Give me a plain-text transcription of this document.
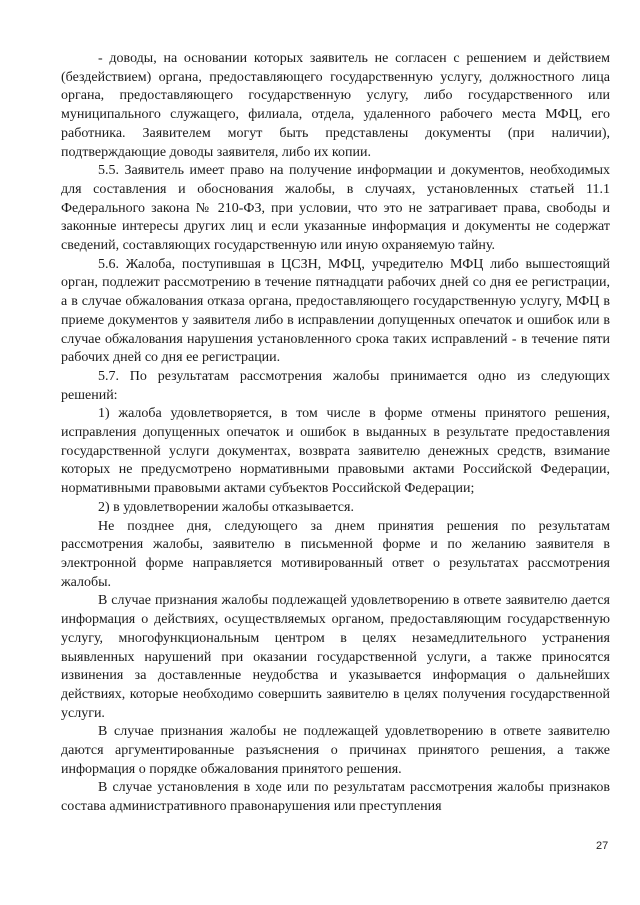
- доводы, на основании которых заявитель не согласен с решением и действием (бездействием) органа, предоставляющего государственную услугу, должностного лица органа, предоставляющего государственную услугу, либо государственного или муниципального служащего, филиала, отдела, удаленного рабочего места МФЦ, его работника. Заявителем могут быть представлены документы (при наличии), подтверждающие доводы заявителя, либо их копии.

5.5. Заявитель имеет право на получение информации и документов, необходимых для составления и обоснования жалобы, в случаях, установленных статьей 11.1 Федерального закона № 210-ФЗ, при условии, что это не затрагивает права, свободы и законные интересы других лиц и если указанные информация и документы не содержат сведений, составляющих государственную или иную охраняемую тайну.

5.6. Жалоба, поступившая в ЦСЗН, МФЦ, учредителю МФЦ либо вышестоящий орган, подлежит рассмотрению в течение пятнадцати рабочих дней со дня ее регистрации, а в случае обжалования отказа органа, предоставляющего государственную услугу, МФЦ в приеме документов у заявителя либо в исправлении допущенных опечаток и ошибок или в случае обжалования нарушения установленного срока таких исправлений - в течение пяти рабочих дней со дня ее регистрации.

5.7. По результатам рассмотрения жалобы принимается одно из следующих решений:

1) жалоба удовлетворяется, в том числе в форме отмены принятого решения, исправления допущенных опечаток и ошибок в выданных в результате предоставления государственной услуги документах, возврата заявителю денежных средств, взимание которых не предусмотрено нормативными правовыми актами Российской Федерации, нормативными правовыми актами субъектов Российской Федерации;

2) в удовлетворении жалобы отказывается.

Не позднее дня, следующего за днем принятия решения по результатам рассмотрения жалобы, заявителю в письменной форме и по желанию заявителя в электронной форме направляется мотивированный ответ о результатах рассмотрения жалобы.

В случае признания жалобы подлежащей удовлетворению в ответе заявителю дается информация о действиях, осуществляемых органом, предоставляющим государственную услугу, многофункциональным центром в целях незамедлительного устранения выявленных нарушений при оказании государственной услуги, а также приносятся извинения за доставленные неудобства и указывается информация о дальнейших действиях, которые необходимо совершить заявителю в целях получения государственной услуги.

В случае признания жалобы не подлежащей удовлетворению в ответе заявителю даются аргументированные разъяснения о причинах принятого решения, а также информация о порядке обжалования принятого решения.

В случае установления в ходе или по результатам рассмотрения жалобы признаков состава административного правонарушения или преступления

27
